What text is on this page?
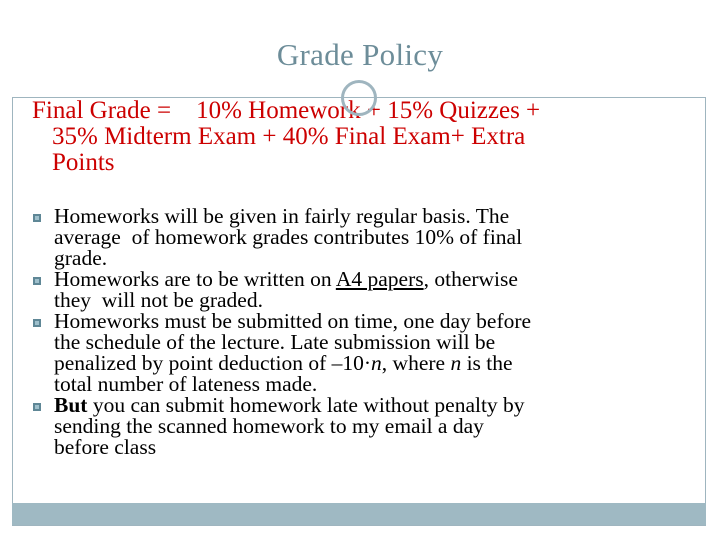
Grade Policy
Final Grade =    10% Homework + 15% Quizzes +
35% Midterm Exam + 40% Final Exam+ Extra
Points
Homeworks will be given in fairly regular basis. The
average  of homework grades contributes 10% of final
grade.
Homeworks are to be written on A4 papers, otherwise
they  will not be graded.
Homeworks must be submitted on time, one day before
the schedule of the lecture. Late submission will be
penalized by point deduction of –10·n, where n is the
total number of lateness made.
But you can submit homework late without penalty by
sending the scanned homework to my email a day
before class
